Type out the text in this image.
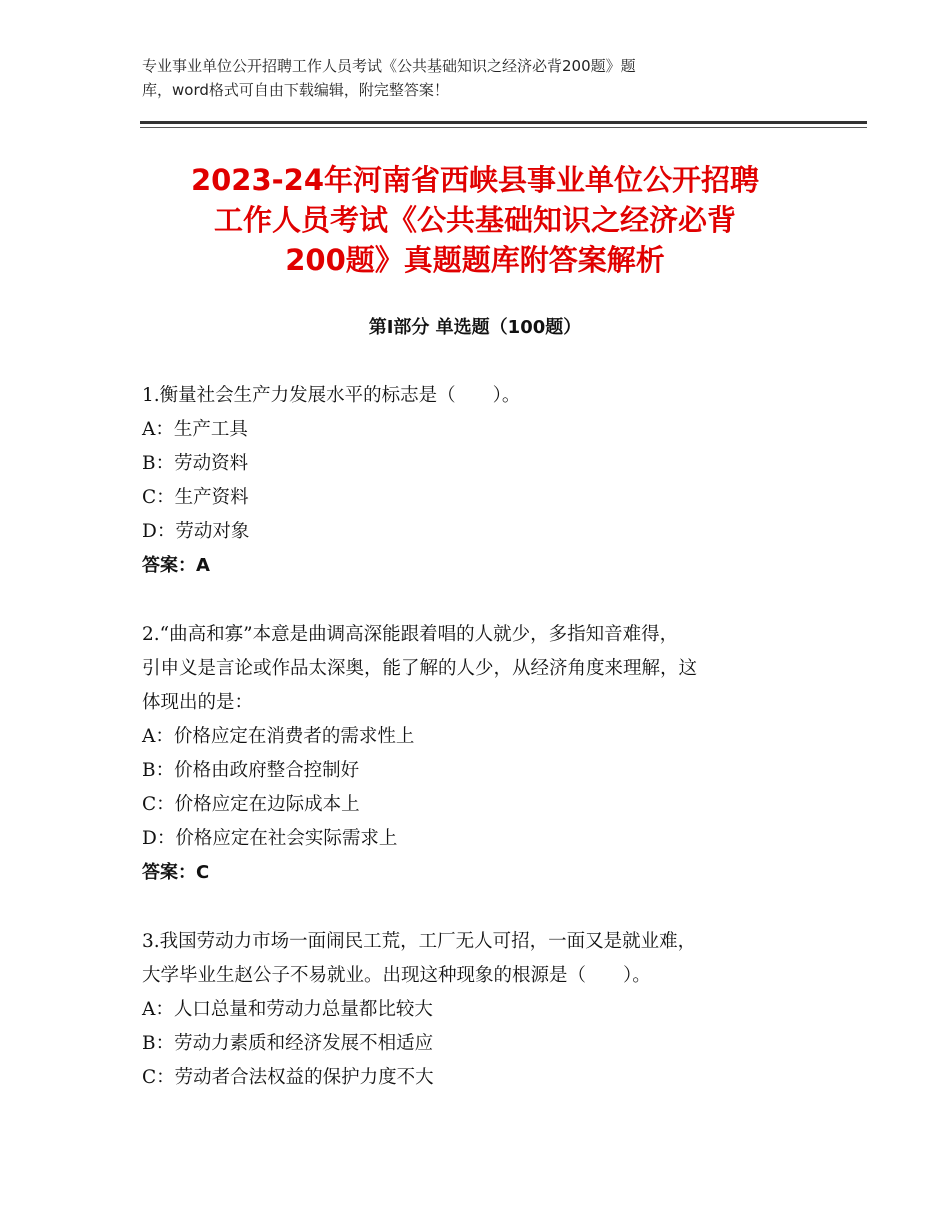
专业事业单位公开招聘工作人员考试《公共基础知识之经济必背200题》题
库，word格式可自由下载编辑，附完整答案！
2023-24年河南省西峡县事业单位公开招聘
工作人员考试《公共基础知识之经济必背
200题》真题题库附答案解析
第Ⅰ部分 单选题（100题）
1.衡量社会生产力发展水平的标志是（　　）。
A：生产工具
B：劳动资料
C：生产资料
D：劳动对象
答案：A
2.“曲高和寡”本意是曲调高深能跟着唱的人就少，多指知音难得，
引申义是言论或作品太深奥，能了解的人少，从经济角度来理解，这
体现出的是：
A：价格应定在消费者的需求性上
B：价格由政府整合控制好
C：价格应定在边际成本上
D：价格应定在社会实际需求上
答案：C
3.我国劳动力市场一面闹民工荒，工厂无人可招，一面又是就业难，
大学毕业生赵公子不易就业。出现这种现象的根源是（　　）。
A：人口总量和劳动力总量都比较大
B：劳动力素质和经济发展不相适应
C：劳动者合法权益的保护力度不大
